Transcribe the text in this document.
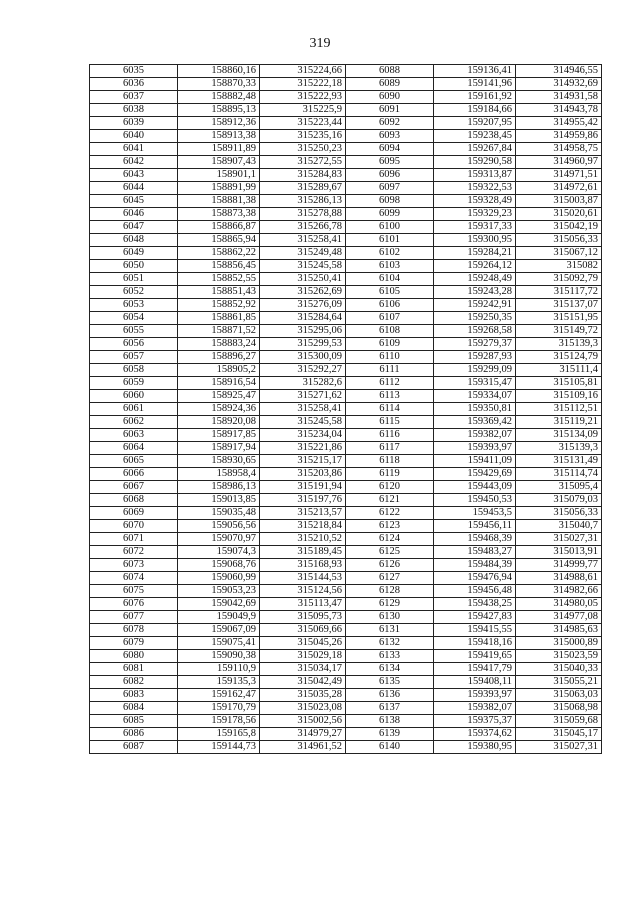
319
6035	158860,16	315224,66	6088	159136,41	314946,55
6036	158870,33	315222,18	6089	159141,96	314932,69
6037	158882,48	315222,93	6090	159161,92	314931,58
6038	158895,13	315225,9	6091	159184,66	314943,78
6039	158912,36	315223,44	6092	159207,95	314955,42
6040	158913,38	315235,16	6093	159238,45	314959,86
6041	158911,89	315250,23	6094	159267,84	314958,75
6042	158907,43	315272,55	6095	159290,58	314960,97
6043	158901,1	315284,83	6096	159313,87	314971,51
6044	158891,99	315289,67	6097	159322,53	314972,61
6045	158881,38	315286,13	6098	159328,49	315003,87
6046	158873,38	315278,88	6099	159329,23	315020,61
6047	158866,87	315266,78	6100	159317,33	315042,19
6048	158865,94	315258,41	6101	159300,95	315056,33
6049	158862,22	315249,48	6102	159284,21	315067,12
6050	158856,45	315245,58	6103	159264,12	315082
6051	158852,55	315250,41	6104	159248,49	315092,79
6052	158851,43	315262,69	6105	159243,28	315117,72
6053	158852,92	315276,09	6106	159242,91	315137,07
6054	158861,85	315284,64	6107	159250,35	315151,95
6055	158871,52	315295,06	6108	159268,58	315149,72
6056	158883,24	315299,53	6109	159279,37	315139,3
6057	158896,27	315300,09	6110	159287,93	315124,79
6058	158905,2	315292,27	6111	159299,09	315111,4
6059	158916,54	315282,6	6112	159315,47	315105,81
6060	158925,47	315271,62	6113	159334,07	315109,16
6061	158924,36	315258,41	6114	159350,81	315112,51
6062	158920,08	315245,58	6115	159369,42	315119,21
6063	158917,85	315234,04	6116	159382,07	315134,09
6064	158917,94	315221,86	6117	159393,97	315139,3
6065	158930,65	315215,17	6118	159411,09	315131,49
6066	158958,4	315203,86	6119	159429,69	315114,74
6067	158986,13	315191,94	6120	159443,09	315095,4
6068	159013,85	315197,76	6121	159450,53	315079,03
6069	159035,48	315213,57	6122	159453,5	315056,33
6070	159056,56	315218,84	6123	159456,11	315040,7
6071	159070,97	315210,52	6124	159468,39	315027,31
6072	159074,3	315189,45	6125	159483,27	315013,91
6073	159068,76	315168,93	6126	159484,39	314999,77
6074	159060,99	315144,53	6127	159476,94	314988,61
6075	159053,23	315124,56	6128	159456,48	314982,66
6076	159042,69	315113,47	6129	159438,25	314980,05
6077	159049,9	315095,73	6130	159427,83	314977,08
6078	159067,09	315069,66	6131	159415,55	314985,63
6079	159075,41	315045,26	6132	159418,16	315000,89
6080	159090,38	315029,18	6133	159419,65	315023,59
6081	159110,9	315034,17	6134	159417,79	315040,33
6082	159135,3	315042,49	6135	159408,11	315055,21
6083	159162,47	315035,28	6136	159393,97	315063,03
6084	159170,79	315023,08	6137	159382,07	315068,98
6085	159178,56	315002,56	6138	159375,37	315059,68
6086	159165,8	314979,27	6139	159374,62	315045,17
6087	159144,73	314961,52	6140	159380,95	315027,31
